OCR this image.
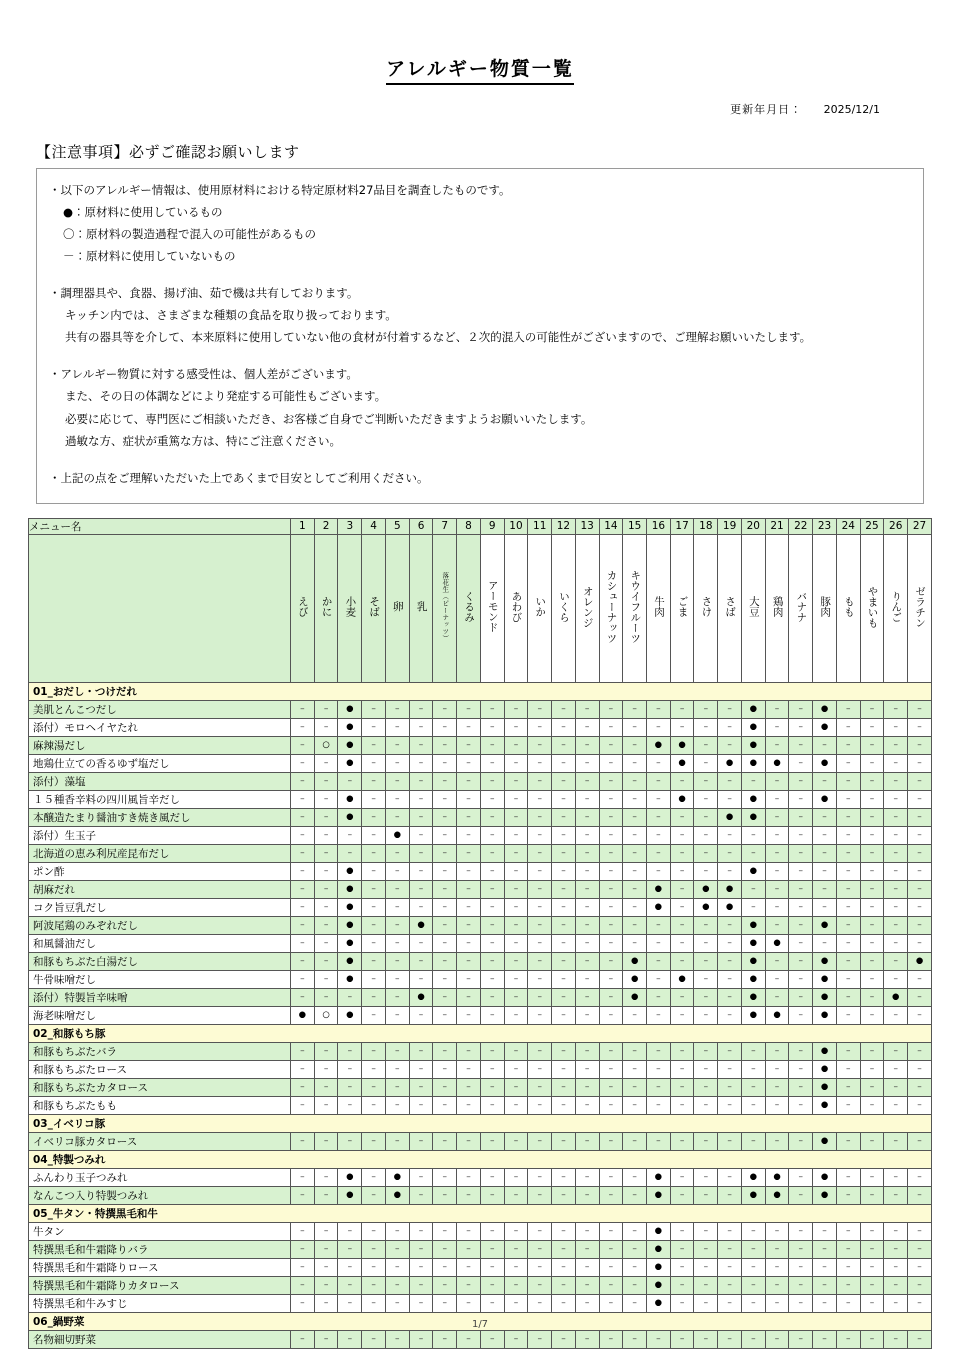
アレルギー物質一覧
更新年月日： 2025/12/1
【注意事項】必ずご確認お願いします
・以下のアレルギー情報は、使用原材料における特定原材料27品目を調査したものです。
●：原材料に使用しているもの
〇：原材料の製造過程で混入の可能性があるもの
－：原材料に使用していないもの
・調理器具や、食器、揚げ油、茹で機は共有しております。
キッチン内では、さまざまな種類の食品を取り扱っております。
共有の器具等を介して、本来原料に使用していない他の食材が付着するなど、２次的混入の可能性がございますので、ご理解お願いいたします。
・アレルギー物質に対する感受性は、個人差がございます。
また、その日の体調などにより発症する可能性もございます。
必要に応じて、専門医にご相談いただき、お客様ご自身でご判断いただきますようお願いいたします。
過敏な方、症状が重篤な方は、特にご注意ください。
・上記の点をご理解いただいた上であくまで目安としてご利用ください。
メニュー名	1	2	3	4	5	6	7	8	9	10	11	12	13	14	15	16	17	18	19	20	21	22	23	24	25	26	27
	えび	かに	小麦	そば	卵	乳	落花生（ピーナッツ）	くるみ	アーモンド	あわび	いか	いくら	オレンジ	カシューナッツ	キウイフルーツ	牛肉	ごま	さけ	さば	大豆	鶏肉	バナナ	豚肉	もも	やまいも	りんご	ゼラチン
01_おだし・つけだれ																											
美肌とんこつだし	–	–	●	–	–	–	–	–	–	–	–	–	–	–	–	–	–	–	–	●	–	–	●	–	–	–	–
添付）モロヘイヤたれ	–	–	●	–	–	–	–	–	–	–	–	–	–	–	–	–	–	–	–	●	–	–	●	–	–	–	–
麻辣湯だし	–	○	●	–	–	–	–	–	–	–	–	–	–	–	–	●	●	–	–	●	–	–	–	–	–	–	–
地鶏仕立ての香るゆず塩だし	–	–	●	–	–	–	–	–	–	–	–	–	–	–	–	–	●	–	●	●	●	–	●	–	–	–	–
添付）藻塩	–	–	–	–	–	–	–	–	–	–	–	–	–	–	–	–	–	–	–	–	–	–	–	–	–	–	–
１５種香辛料の四川風旨辛だし	–	–	●	–	–	–	–	–	–	–	–	–	–	–	–	–	●	–	–	●	–	–	●	–	–	–	–
本醸造たまり醤油すき焼き風だし	–	–	●	–	–	–	–	–	–	–	–	–	–	–	–	–	–	–	●	●	–	–	–	–	–	–	–
添付）生玉子	–	–	–	–	●	–	–	–	–	–	–	–	–	–	–	–	–	–	–	–	–	–	–	–	–	–	–
北海道の恵み利尻産昆布だし	–	–	–	–	–	–	–	–	–	–	–	–	–	–	–	–	–	–	–	–	–	–	–	–	–	–	–
ポン酢	–	–	●	–	–	–	–	–	–	–	–	–	–	–	–	–	–	–	–	●	–	–	–	–	–	–	–
胡麻だれ	–	–	●	–	–	–	–	–	–	–	–	–	–	–	–	●	–	●	●	–	–	–	–	–	–	–	–
コク旨豆乳だし	–	–	●	–	–	–	–	–	–	–	–	–	–	–	–	●	–	●	●	–	–	–	–	–	–	–	–
阿波尾鶏のみぞれだし	–	–	●	–	–	●	–	–	–	–	–	–	–	–	–	–	–	–	–	●	–	–	●	–	–	–	–
和風醤油だし	–	–	●	–	–	–	–	–	–	–	–	–	–	–	–	–	–	–	–	●	●	–	–	–	–	–	–
和豚もちぶた白湯だし	–	–	●	–	–	–	–	–	–	–	–	–	–	–	●	–	–	–	–	●	–	–	●	–	–	–	●
牛骨味噌だし	–	–	●	–	–	–	–	–	–	–	–	–	–	–	●	–	●	–	–	●	–	–	●	–	–	–	–
添付）特製旨辛味噌	–	–	–	–	–	●	–	–	–	–	–	–	–	–	●	–	–	–	–	●	–	–	●	–	–	●	–
海老味噌だし	●	○	●	–	–	–	–	–	–	–	–	–	–	–	–	–	–	–	–	●	●	–	●	–	–	–	–
02_和豚もち豚																											
和豚もちぶたバラ	–	–	–	–	–	–	–	–	–	–	–	–	–	–	–	–	–	–	–	–	–	–	●	–	–	–	–
和豚もちぶたロース	–	–	–	–	–	–	–	–	–	–	–	–	–	–	–	–	–	–	–	–	–	–	●	–	–	–	–
和豚もちぶたカタロース	–	–	–	–	–	–	–	–	–	–	–	–	–	–	–	–	–	–	–	–	–	–	●	–	–	–	–
和豚もちぶたもも	–	–	–	–	–	–	–	–	–	–	–	–	–	–	–	–	–	–	–	–	–	–	●	–	–	–	–
03_イベリコ豚																											
イベリコ豚カタロース	–	–	–	–	–	–	–	–	–	–	–	–	–	–	–	–	–	–	–	–	–	–	●	–	–	–	–
04_特製つみれ																											
ふんわり玉子つみれ	–	–	●	–	●	–	–	–	–	–	–	–	–	–	–	●	–	–	–	●	●	–	●	–	–	–	–
なんこつ入り特製つみれ	–	–	●	–	●	–	–	–	–	–	–	–	–	–	–	●	–	–	–	●	●	–	●	–	–	–	–
05_牛タン・特撰黒毛和牛																											
牛タン	–	–	–	–	–	–	–	–	–	–	–	–	–	–	–	●	–	–	–	–	–	–	–	–	–	–	–
特撰黒毛和牛霜降りバラ	–	–	–	–	–	–	–	–	–	–	–	–	–	–	–	●	–	–	–	–	–	–	–	–	–	–	–
特撰黒毛和牛霜降りロース	–	–	–	–	–	–	–	–	–	–	–	–	–	–	–	●	–	–	–	–	–	–	–	–	–	–	–
特撰黒毛和牛霜降りカタロース	–	–	–	–	–	–	–	–	–	–	–	–	–	–	–	●	–	–	–	–	–	–	–	–	–	–	–
特撰黒毛和牛みすじ	–	–	–	–	–	–	–	–	–	–	–	–	–	–	–	●	–	–	–	–	–	–	–	–	–	–	–
06_鍋野菜																											
名物細切野菜	–	–	–	–	–	–	–	–	–	–	–	–	–	–	–	–	–	–	–	–	–	–	–	–	–	–	–
1/7
